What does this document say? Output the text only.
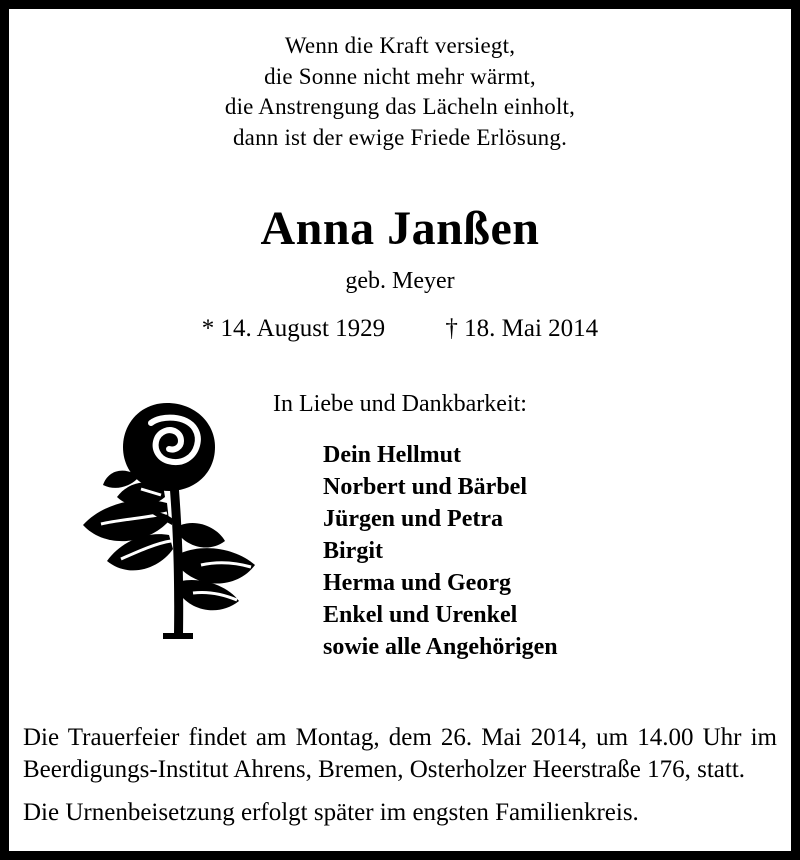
Wenn die Kraft versiegt,
die Sonne nicht mehr wärmt,
die Anstrengung das Lächeln einholt,
dann ist der ewige Friede Erlösung.
Anna Janßen
geb. Meyer
* 14. August 1929 † 18. Mai 2014
In Liebe und Dankbarkeit:
Dein Hellmut
Norbert und Bärbel
Jürgen und Petra
Birgit
Herma und Georg
Enkel und Urenkel
sowie alle Angehörigen

Die Trauerfeier findet am Montag, dem 26. Mai 2014, um 14.00 Uhr im Beerdigungs-Institut Ahrens, Bremen, Osterholzer Heerstraße 176, statt.

Die Urnenbeisetzung erfolgt später im engsten Familienkreis.
